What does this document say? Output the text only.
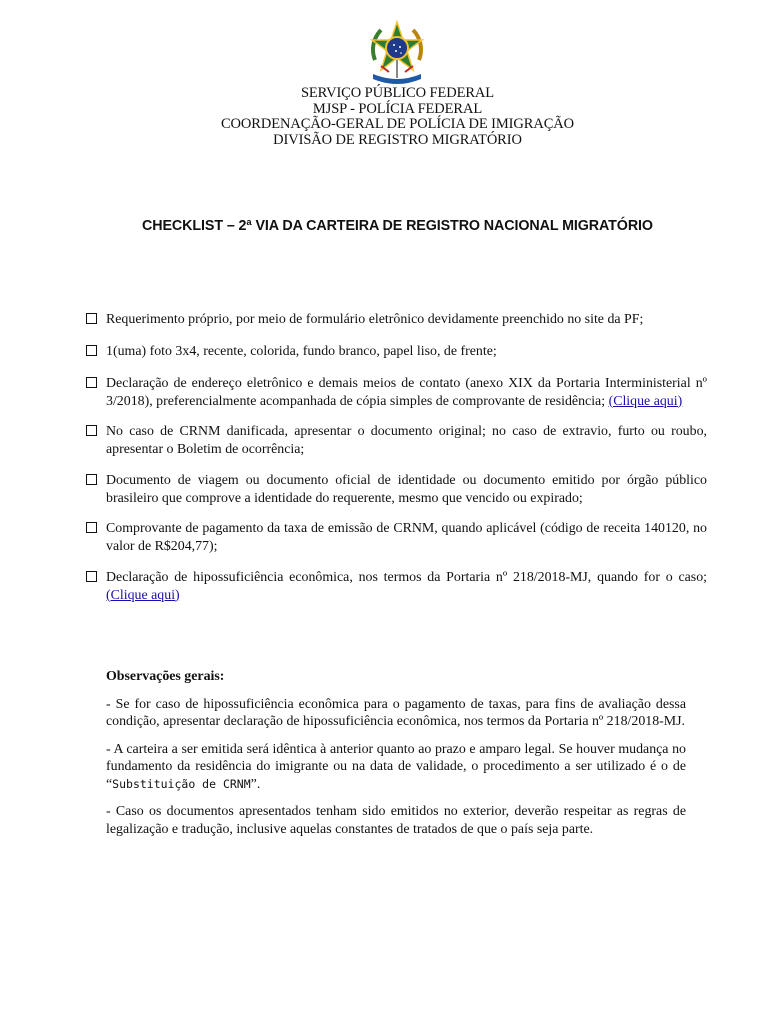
SERVIÇO PÚBLICO FEDERAL
MJSP - POLÍCIA FEDERAL
COORDENAÇÃO-GERAL DE POLÍCIA DE IMIGRAÇÃO
DIVISÃO DE REGISTRO MIGRATÓRIO
CHECKLIST – 2ª VIA DA CARTEIRA DE REGISTRO NACIONAL MIGRATÓRIO
Requerimento próprio, por meio de formulário eletrônico devidamente preenchido no site da PF;
1(uma) foto 3x4, recente, colorida, fundo branco, papel liso, de frente;
Declaração de endereço eletrônico e demais meios de contato (anexo XIX da Portaria Interministerial nº 3/2018), preferencialmente acompanhada de cópia simples de comprovante de residência; (Clique aqui)
No caso de CRNM danificada, apresentar o documento original; no caso de extravio, furto ou roubo, apresentar o Boletim de ocorrência;
Documento de viagem ou documento oficial de identidade ou documento emitido por órgão público brasileiro que comprove a identidade do requerente, mesmo que vencido ou expirado;
Comprovante de pagamento da taxa de emissão de CRNM, quando aplicável (código de receita 140120, no valor de R$204,77);
Declaração de hipossuficiência econômica, nos termos da Portaria nº 218/2018-MJ, quando for o caso; (Clique aqui)
Observações gerais:

- Se for caso de hipossuficiência econômica para o pagamento de taxas, para fins de avaliação dessa condição, apresentar declaração de hipossuficiência econômica, nos termos da Portaria nº 218/2018-MJ.

- A carteira a ser emitida será idêntica à anterior quanto ao prazo e amparo legal. Se houver mudança no fundamento da residência do imigrante ou na data de validade, o procedimento a ser utilizado é o de “Substituição de CRNM”.

- Caso os documentos apresentados tenham sido emitidos no exterior, deverão respeitar as regras de legalização e tradução, inclusive aquelas constantes de tratados de que o país seja parte.
